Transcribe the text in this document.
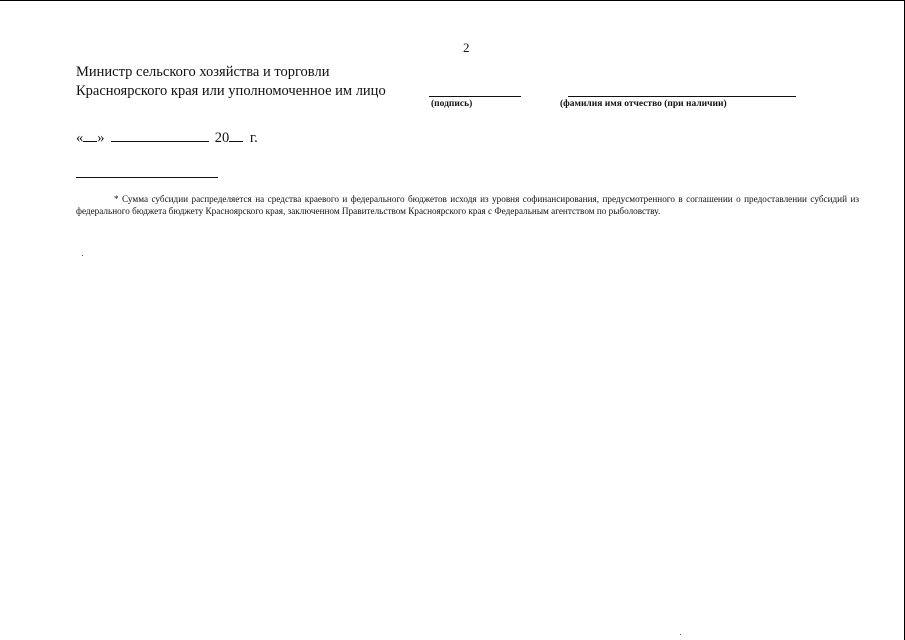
2
Министр сельского хозяйства и торговли
Красноярского края или уполномоченное им лицо
(подпись)	(фамилия имя отчество (при наличии)
« »	20 г.
* Сумма субсидии распределяется на средства краевого и федерального бюджетов исходя из уровня софинансирования, предусмотренного в соглашении о предоставлении субсидий из федерального бюджета бюджету Красноярского края, заключенном Правительством Красноярского края с Федеральным агентством по рыболовству.
